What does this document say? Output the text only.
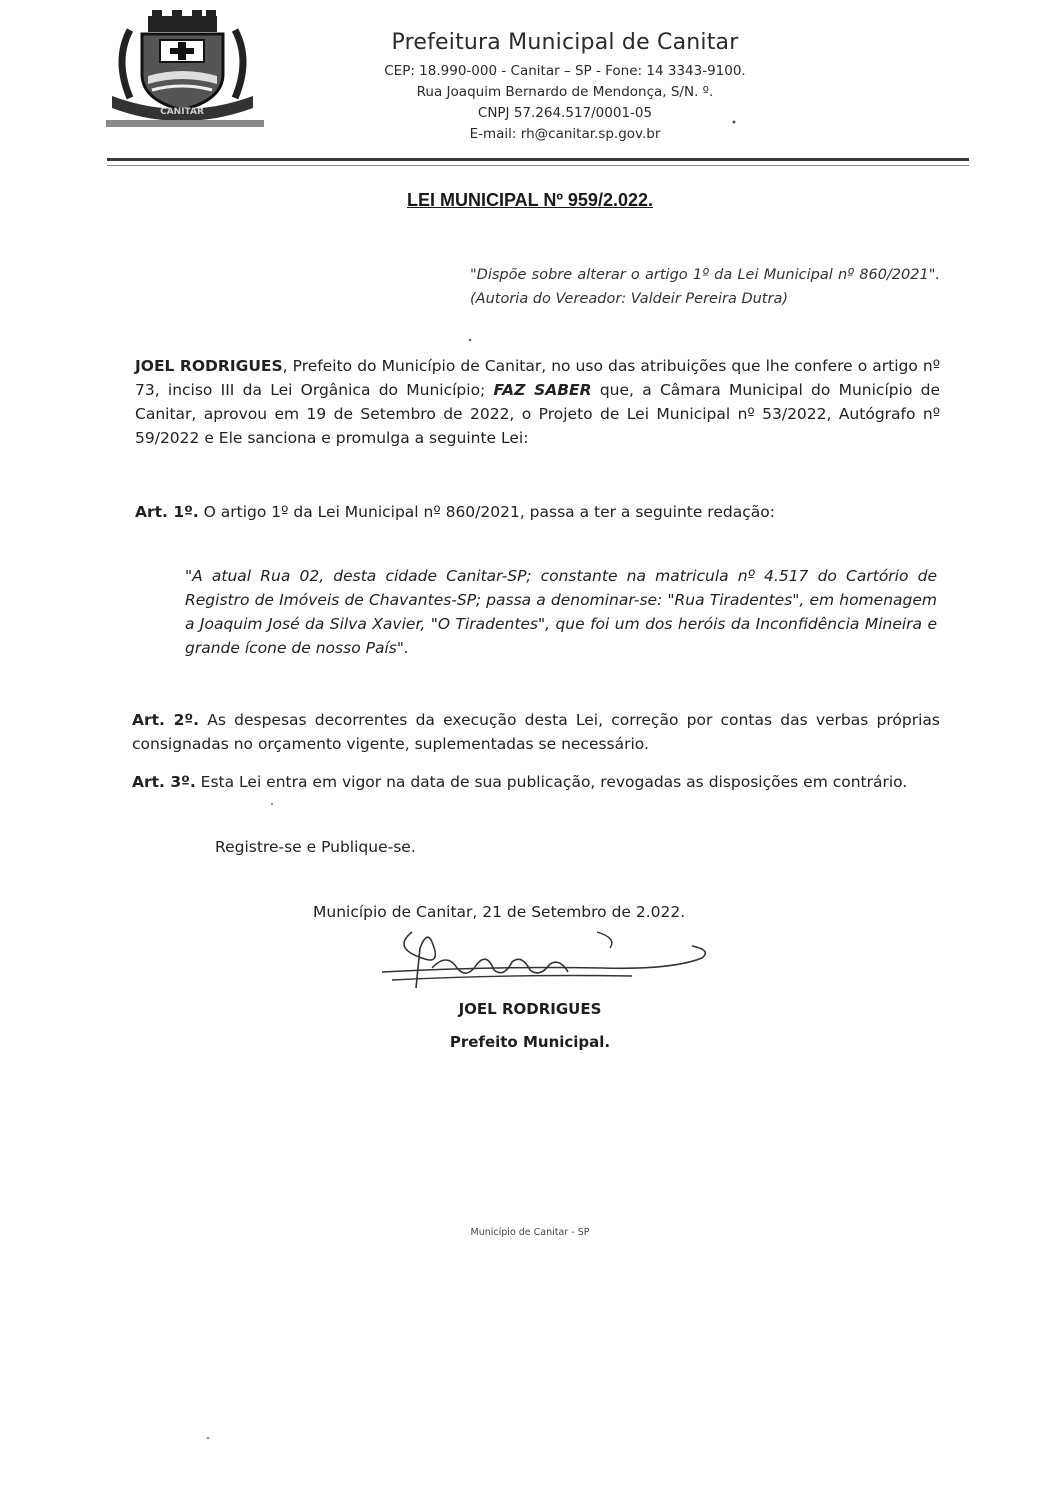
CANITAR
Prefeitura Municipal de Canitar
CEP: 18.990-000 - Canitar – SP - Fone: 14 3343-9100.
Rua Joaquim Bernardo de Mendonça, S/N. º.
CNPJ 57.264.517/0001-05
E-mail: rh@canitar.sp.gov.br
LEI MUNICIPAL Nº 959/2.022.
"Dispõe sobre alterar o artigo 1º da Lei Municipal nº 860/2021". (Autoria do Vereador: Valdeir Pereira Dutra)
JOEL RODRIGUES, Prefeito do Município de Canitar, no uso das atribuições que lhe confere o artigo nº 73, inciso III da Lei Orgânica do Município; FAZ SABER que, a Câmara Municipal do Município de Canitar, aprovou em 19 de Setembro de 2022, o Projeto de Lei Municipal nº 53/2022, Autógrafo nº 59/2022 e Ele sanciona e promulga a seguinte Lei:
Art. 1º. O artigo 1º da Lei Municipal nº 860/2021, passa a ter a seguinte redação:
"A atual Rua 02, desta cidade Canitar-SP; constante na matricula nº 4.517 do Cartório de Registro de Imóveis de Chavantes-SP; passa a denominar-se: "Rua Tiradentes", em homenagem a Joaquim José da Silva Xavier, "O Tiradentes", que foi um dos heróis da Inconfidência Mineira e grande ícone de nosso País".
Art. 2º. As despesas decorrentes da execução desta Lei, correção por contas das verbas próprias consignadas no orçamento vigente, suplementadas se necessário.
Art. 3º. Esta Lei entra em vigor na data de sua publicação, revogadas as disposições em contrário.
Registre-se e Publique-se.
Município de Canitar, 21 de Setembro de 2.022.
JOEL RODRIGUES
Prefeito Municipal.
Município de Canitar - SP
